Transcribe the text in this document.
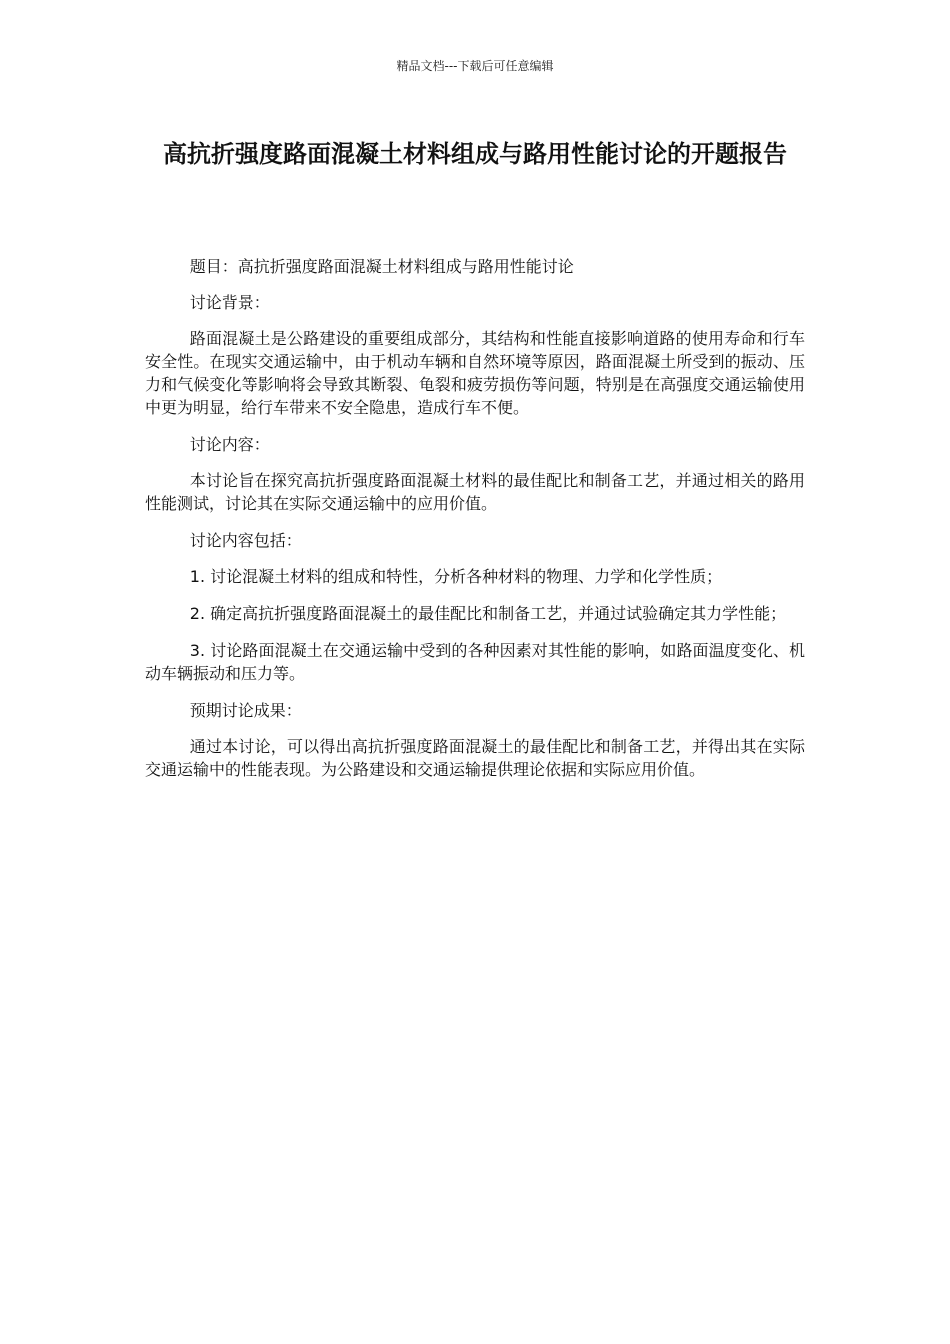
精品文档---下载后可任意编辑
高抗折强度路面混凝土材料组成与路用性能讨论的开题报告

题目：高抗折强度路面混凝土材料组成与路用性能讨论

讨论背景：

路面混凝土是公路建设的重要组成部分，其结构和性能直接影响道路的使用寿命和行车安全性。在现实交通运输中，由于机动车辆和自然环境等原因，路面混凝土所受到的振动、压力和气候变化等影响将会导致其断裂、龟裂和疲劳损伤等问题，特别是在高强度交通运输使用中更为明显，给行车带来不安全隐患，造成行车不便。

讨论内容：

本讨论旨在探究高抗折强度路面混凝土材料的最佳配比和制备工艺，并通过相关的路用性能测试，讨论其在实际交通运输中的应用价值。

讨论内容包括：

1. 讨论混凝土材料的组成和特性，分析各种材料的物理、力学和化学性质；

2. 确定高抗折强度路面混凝土的最佳配比和制备工艺，并通过试验确定其力学性能；

3. 讨论路面混凝土在交通运输中受到的各种因素对其性能的影响，如路面温度变化、机动车辆振动和压力等。

预期讨论成果：

通过本讨论，可以得出高抗折强度路面混凝土的最佳配比和制备工艺，并得出其在实际交通运输中的性能表现。为公路建设和交通运输提供理论依据和实际应用价值。
